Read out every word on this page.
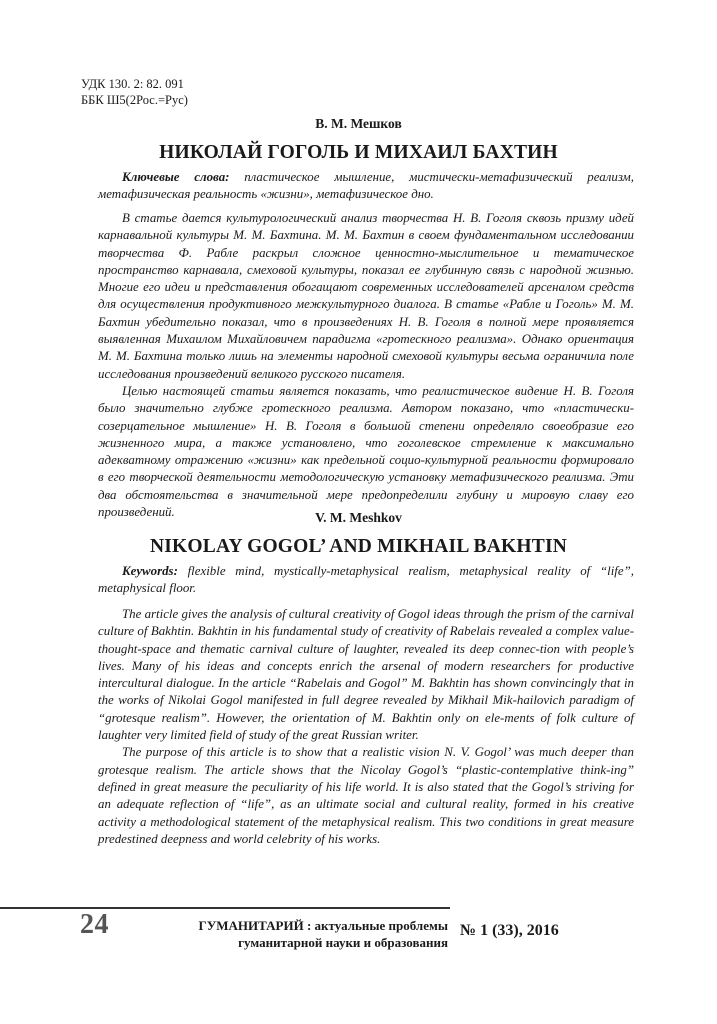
УДК 130. 2: 82. 091
ББК Ш5(2Рос.=Рус)
В. М. Мешков
НИКОЛАЙ ГОГОЛЬ И МИХАИЛ БАХТИН

Ключевые слова: пластическое мышление, мистически-метафизический реализм, метафизическая реальность «жизни», метафизическое дно.

В статье дается культурологический анализ творчества Н. В. Гоголя сквозь призму идей карнавальной культуры М. М. Бахтина. М. М. Бахтин в своем фундаментальном исследовании творчества Ф. Рабле раскрыл сложное ценностно-мыслительное и тематическое пространство карнавала, смеховой культуры, показал ее глубинную связь с народной жизнью. Многие его идеи и представления обогащают современных исследователей арсеналом средств для осуществления продуктивного межкультурного диалога. В статье «Рабле и Гоголь» М. М. Бахтин убедительно показал, что в произведениях Н. В. Гоголя в полной мере проявляется выявленная Михаилом Михайловичем парадигма «гротескного реализма». Однако ориентация М. М. Бахтина только лишь на элементы народной смеховой культуры весьма ограничила поле исследования произведений великого русского писателя.

Целью настоящей статьи является показать, что реалистическое видение Н. В. Гоголя было значительно глубже гротескного реализма. Автором показано, что «пластически-созерцательное мышление» Н. В. Гоголя в большой степени определяло своеобразие его жизненного мира, а также установлено, что гоголевское стремление к максимально адекватному отражению «жизни» как предельной социо-культурной реальности формировало в его творческой деятельности методологическую установку метафизического реализма. Эти два обстоятельства в значительной мере предопределили глубину и мировую славу его произведений.	V. M. Meshkov
NIKOLAY GOGOL’ AND MIKHAIL BAKHTIN

Keywords: flexible mind, mystically-metaphysical realism, metaphysical reality of “life”, metaphysical floor.

The article gives the analysis of cultural creativity of Gogol ideas through the prism of the carnival culture of Bakhtin. Bakhtin in his fundamental study of creativity of Rabelais revealed a complex value-thought-space and thematic carnival culture of laughter, revealed its deep connec-tion with people’s lives. Many of his ideas and concepts enrich the arsenal of modern researchers for productive intercultural dialogue. In the article “Rabelais and Gogol” M. Bakhtin has shown convincingly that in the works of Nikolai Gogol manifested in full degree revealed by Mikhail Mik-hailovich paradigm of “grotesque realism”. However, the orientation of M. Bakhtin only on ele-ments of folk culture of laughter very limited field of study of the great Russian writer.

The purpose of this article is to show that a realistic vision N. V. Gogol’ was much deeper than grotesque realism. The article shows that the Nicolay Gogol’s “plastic-contemplative think-ing” defined in great measure the peculiarity of his life world. It is also stated that the Gogol’s striving for an adequate reflection of “life”, as an ultimate social and cultural reality, formed in his creative activity a methodological statement of the metaphysical realism. This two conditions in great measure predestined deepness and world celebrity of his works.

24	ГУМАНИТАРИЙ : актуальные проблемы
гуманитарной науки и образования
№ 1 (33), 2016
